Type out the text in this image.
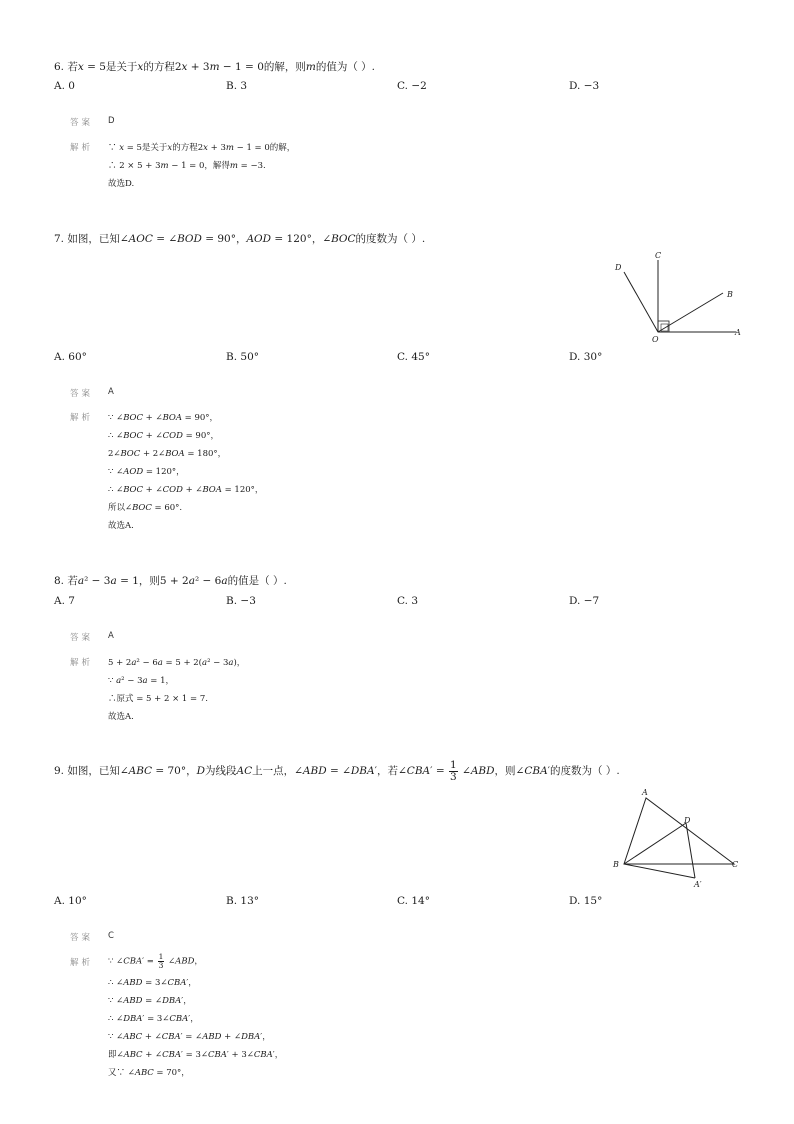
6. 若𝑥 = 5是关于𝑥的方程2𝑥 + 3𝑚 − 1 = 0的解，则𝑚的值为（ ）.
A. 0	B. 3	C. −2	D. −3
答案 D
解析 ∵ 𝑥 = 5是关于𝑥的方程2𝑥 + 3𝑚 − 1 = 0的解，
∴ 2 × 5 + 3𝑚 − 1 = 0，解得𝑚 = −3.
故选D.
7. 如图，已知∠𝐴𝑂𝐶 = ∠𝐵𝑂𝐷 = 90°，𝐴𝑂𝐷 = 120°，∠𝐵𝑂𝐶的度数为（ ）.
A
B
C
D
O
A. 60°	B. 50°	C. 45°	D. 30°
答案 A
解析 ∵ ∠𝐵𝑂𝐶 + ∠𝐵𝑂𝐴 = 90°，
∴ ∠𝐵𝑂𝐶 + ∠𝐶𝑂𝐷 = 90°，
2∠𝐵𝑂𝐶 + 2∠𝐵𝑂𝐴 = 180°，
∵ ∠𝐴𝑂𝐷 = 120°，
∴ ∠𝐵𝑂𝐶 + ∠𝐶𝑂𝐷 + ∠𝐵𝑂𝐴 = 120°，
所以∠𝐵𝑂𝐶 = 60°.
故选A.
8. 若𝑎² − 3𝑎 = 1，则5 + 2𝑎² − 6𝑎的值是（ ）.
A. 7	B. −3	C. 3	D. −7
答案 A
解析 5 + 2𝑎² − 6𝑎 = 5 + 2(𝑎² − 3𝑎)，
∵ 𝑎² − 3𝑎 = 1，
∴原式 = 5 + 2 × 1 = 7.
故选A.
9. 如图，已知∠𝐴𝐵𝐶 = 70°，𝐷为线段𝐴𝐶上一点，∠𝐴𝐵𝐷 = ∠𝐷𝐵𝐴′，若∠𝐶𝐵𝐴′ = $\frac{1}{3}$ ∠𝐴𝐵𝐷，则∠𝐶𝐵𝐴′的度数为（ ）.
A
B	C
D
A′
A. 10°	B. 13°	C. 14°	D. 15°
答案 C
解析 ∵ ∠𝐶𝐵𝐴′ = $\frac{1}{3}$ ∠𝐴𝐵𝐷，
∴ ∠𝐴𝐵𝐷 = 3∠𝐶𝐵𝐴′，
∵ ∠𝐴𝐵𝐷 = ∠𝐷𝐵𝐴′，
∴ ∠𝐷𝐵𝐴′ = 3∠𝐶𝐵𝐴′，
∵ ∠𝐴𝐵𝐶 + ∠𝐶𝐵𝐴′ = ∠𝐴𝐵𝐷 + ∠𝐷𝐵𝐴′，
即∠𝐴𝐵𝐶 + ∠𝐶𝐵𝐴′ = 3∠𝐶𝐵𝐴′ + 3∠𝐶𝐵𝐴′，
又∵ ∠𝐴𝐵𝐶 = 70°，
